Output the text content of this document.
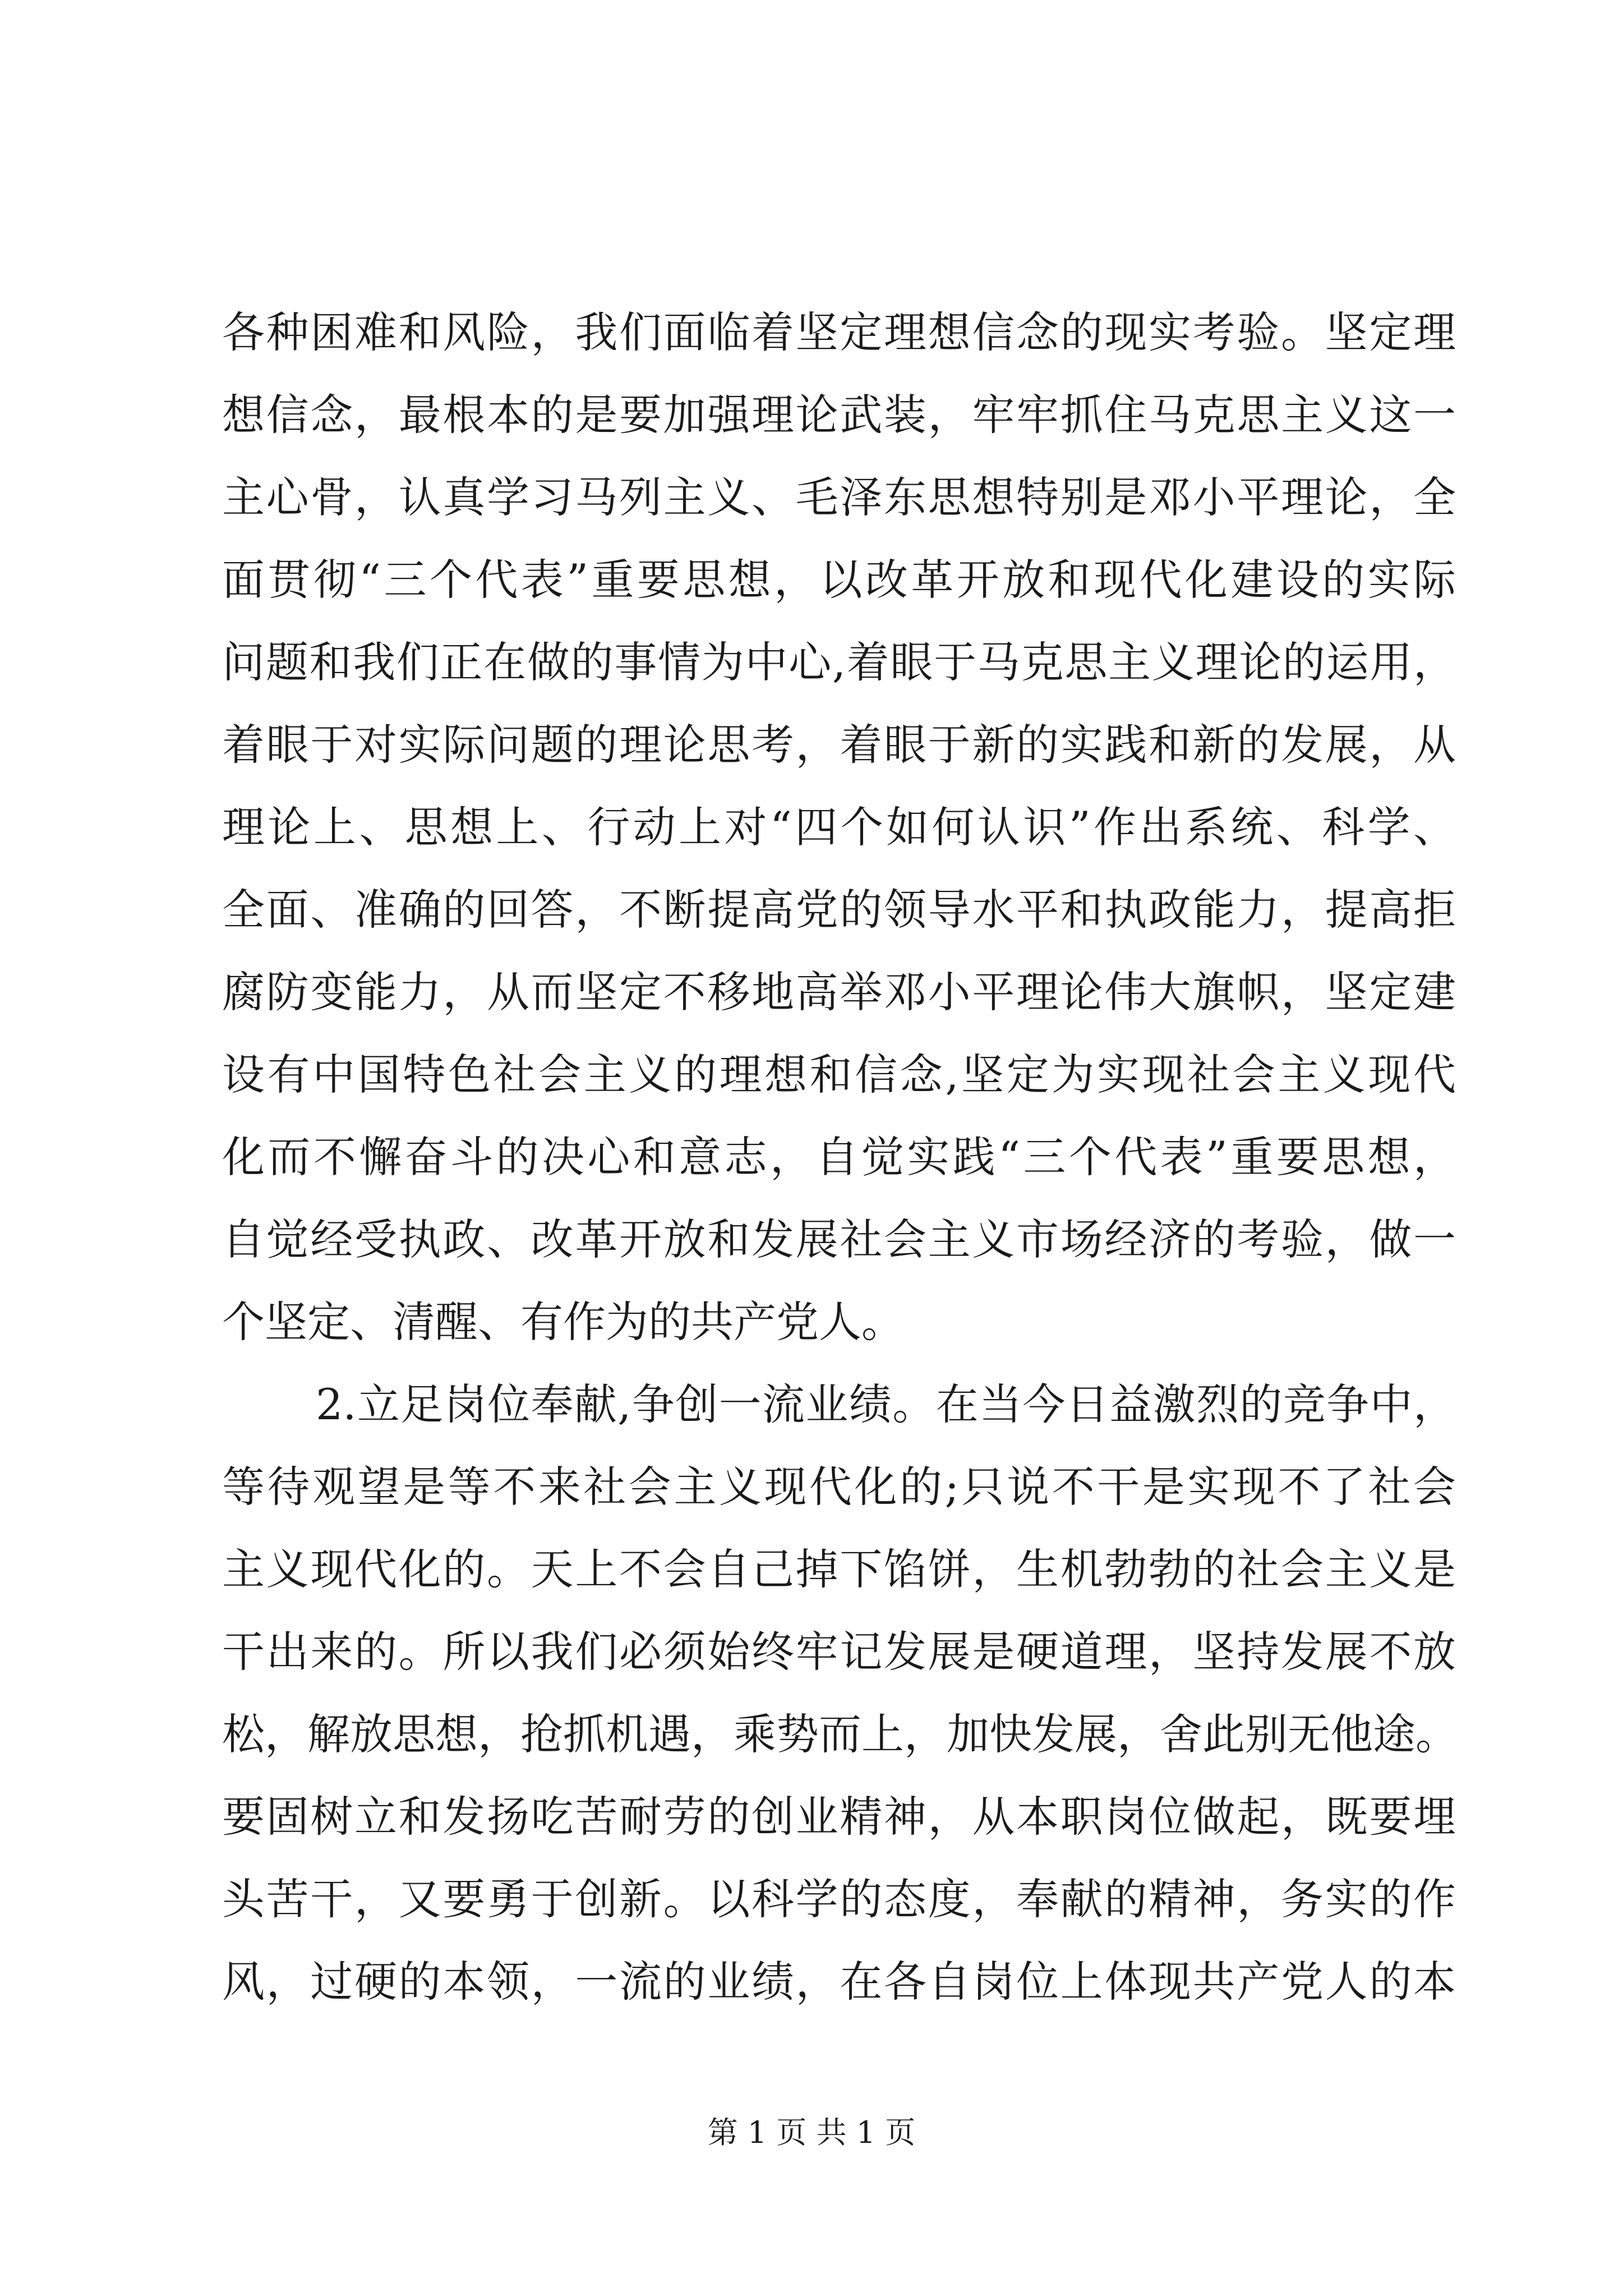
各种困难和风险，我们面临着坚定理想信念的现实考验。坚定理
想信念，最根本的是要加强理论武装，牢牢抓住马克思主义这一
主心骨，认真学习马列主义、毛泽东思想特别是邓小平理论，全
面贯彻“三个代表”重要思想，以改革开放和现代化建设的实际
问题和我们正在做的事情为中心,着眼于马克思主义理论的运用，
着眼于对实际问题的理论思考，着眼于新的实践和新的发展，从
理论上、思想上、行动上对“四个如何认识”作出系统、科学、
全面、准确的回答，不断提高党的领导水平和执政能力，提高拒
腐防变能力，从而坚定不移地高举邓小平理论伟大旗帜，坚定建
设有中国特色社会主义的理想和信念,坚定为实现社会主义现代
化而不懈奋斗的决心和意志，自觉实践“三个代表”重要思想，
自觉经受执政、改革开放和发展社会主义市场经济的考验，做一
个坚定、清醒、有作为的共产党人。
2.立足岗位奉献,争创一流业绩。在当今日益激烈的竞争中，
等待观望是等不来社会主义现代化的;只说不干是实现不了社会
主义现代化的。天上不会自己掉下馅饼，生机勃勃的社会主义是
干出来的。所以我们必须始终牢记发展是硬道理，坚持发展不放
松，解放思想，抢抓机遇，乘势而上，加快发展，舍此别无他途。
要固树立和发扬吃苦耐劳的创业精神，从本职岗位做起，既要埋
头苦干，又要勇于创新。以科学的态度，奉献的精神，务实的作
风，过硬的本领，一流的业绩，在各自岗位上体现共产党人的本
第 1 页 共 1 页
